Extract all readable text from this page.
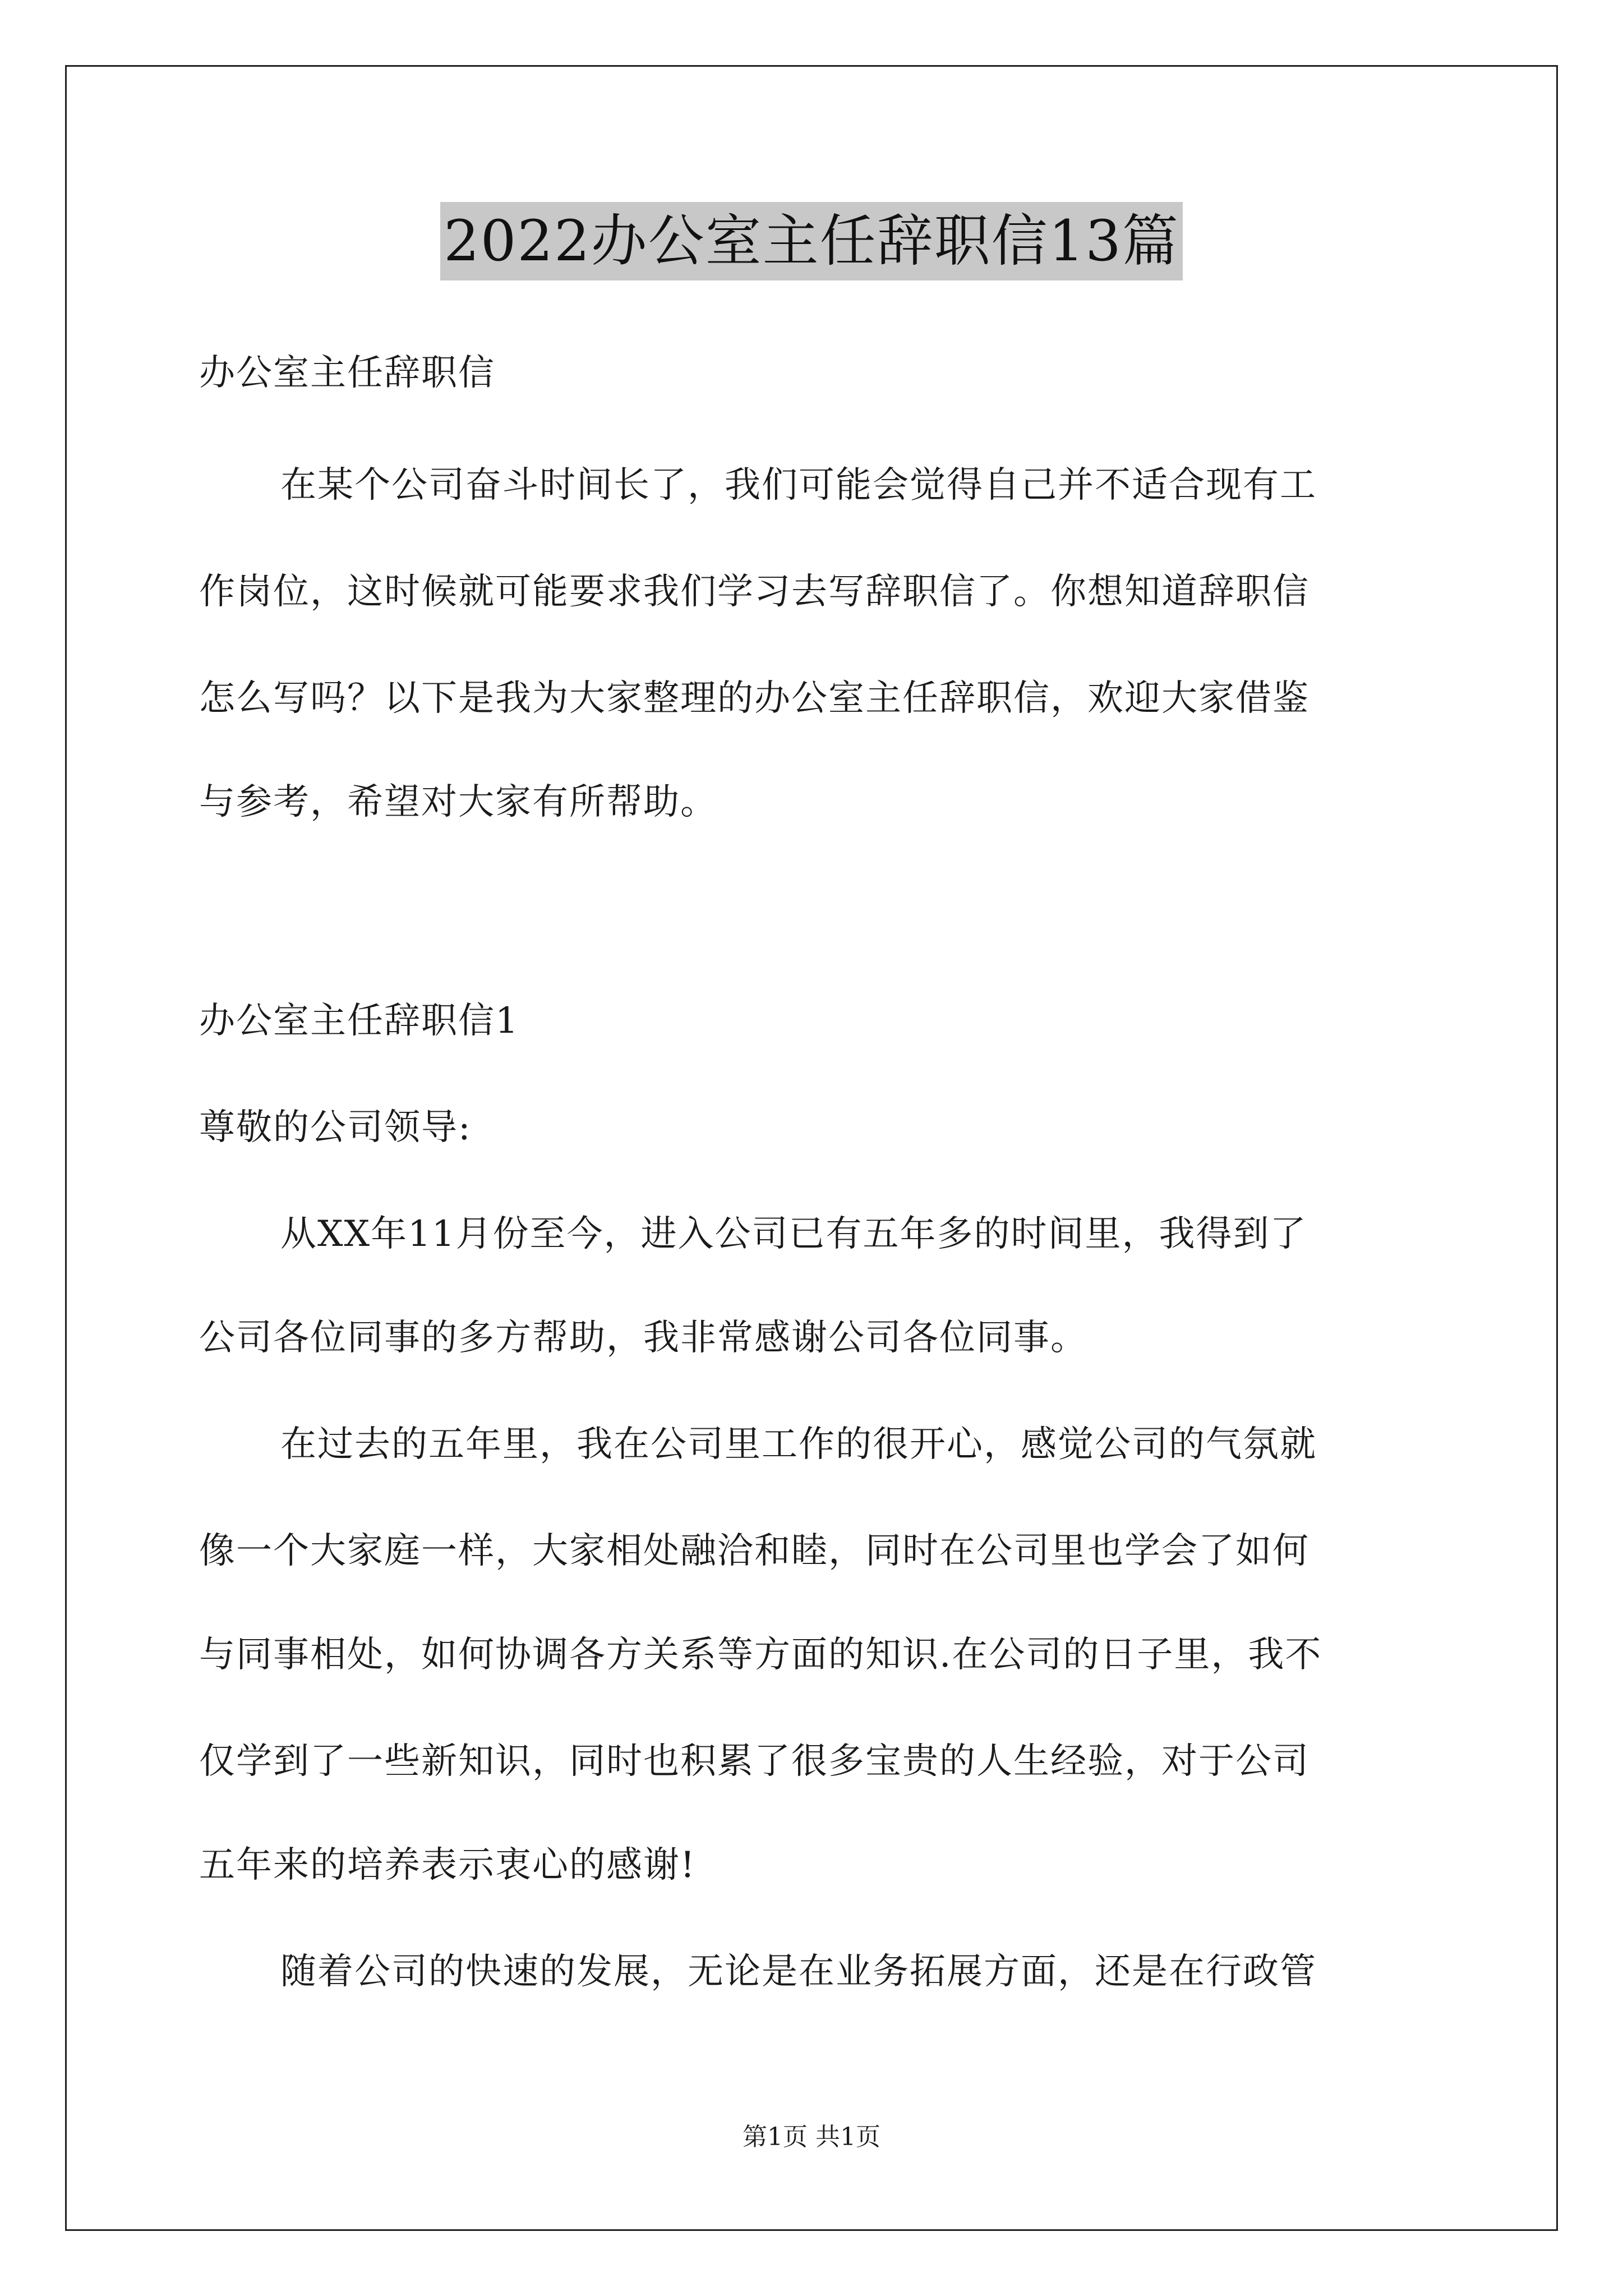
2022办公室主任辞职信13篇
办公室主任辞职信
在某个公司奋斗时间长了，我们可能会觉得自己并不适合现有工
作岗位，这时候就可能要求我们学习去写辞职信了。你想知道辞职信
怎么写吗？以下是我为大家整理的办公室主任辞职信，欢迎大家借鉴
与参考，希望对大家有所帮助。
办公室主任辞职信1
尊敬的公司领导:
从XX年11月份至今，进入公司已有五年多的时间里，我得到了
公司各位同事的多方帮助，我非常感谢公司各位同事。
在过去的五年里，我在公司里工作的很开心，感觉公司的气氛就
像一个大家庭一样，大家相处融洽和睦，同时在公司里也学会了如何
与同事相处，如何协调各方关系等方面的知识.在公司的日子里，我不
仅学到了一些新知识，同时也积累了很多宝贵的人生经验，对于公司
五年来的培养表示衷心的感谢!
随着公司的快速的发展，无论是在业务拓展方面，还是在行政管
第1页 共1页
